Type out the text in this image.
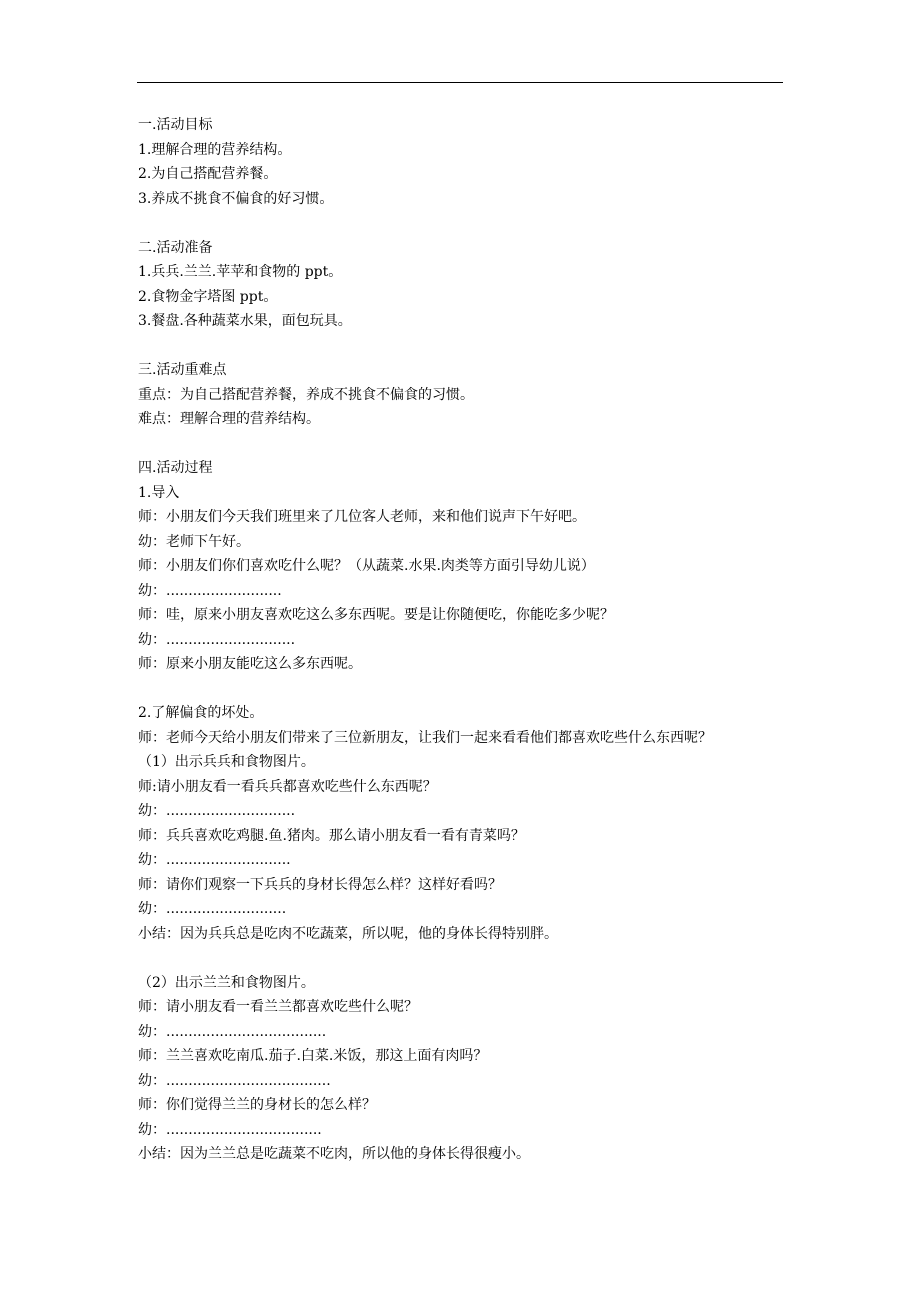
一.活动目标
1.理解合理的营养结构。
2.为自己搭配营养餐。
3.养成不挑食不偏食的好习惯。
二.活动准备
1.兵兵.兰兰.苹苹和食物的 ppt。
2.食物金字塔图 ppt。
3.餐盘.各种蔬菜水果，面包玩具。
三.活动重难点
重点：为自己搭配营养餐，养成不挑食不偏食的习惯。
难点：理解合理的营养结构。
四.活动过程
1.导入
师：小朋友们今天我们班里来了几位客人老师，来和他们说声下午好吧。
幼：老师下午好。
师：小朋友们你们喜欢吃什么呢？（从蔬菜.水果.肉类等方面引导幼儿说）
幼：..........................
师：哇，原来小朋友喜欢吃这么多东西呢。要是让你随便吃，你能吃多少呢？
幼：.............................
师：原来小朋友能吃这么多东西呢。
2.了解偏食的坏处。
师：老师今天给小朋友们带来了三位新朋友，让我们一起来看看他们都喜欢吃些什么东西呢？
（1）出示兵兵和食物图片。
师:请小朋友看一看兵兵都喜欢吃些什么东西呢？
幼：.............................
师：兵兵喜欢吃鸡腿.鱼.猪肉。那么请小朋友看一看有青菜吗？
幼：............................
师：请你们观察一下兵兵的身材长得怎么样？这样好看吗？
幼：...........................
小结：因为兵兵总是吃肉不吃蔬菜，所以呢，他的身体长得特别胖。
（2）出示兰兰和食物图片。
师：请小朋友看一看兰兰都喜欢吃些什么呢？
幼：....................................
师：兰兰喜欢吃南瓜.茄子.白菜.米饭，那这上面有肉吗？
幼：.....................................
师：你们觉得兰兰的身材长的怎么样？
幼：...................................
小结：因为兰兰总是吃蔬菜不吃肉，所以他的身体长得很瘦小。
